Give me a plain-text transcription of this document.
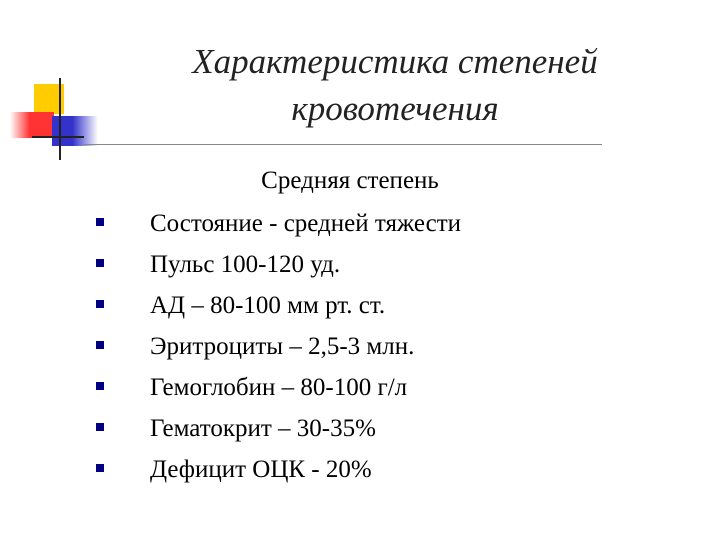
Характеристика степеней кровотечения
Средняя степень
Состояние - средней тяжести
Пульс 100-120 уд.
АД – 80-100 мм рт. ст.
Эритроциты – 2,5-3 млн.
Гемоглобин – 80-100 г/л
Гематокрит – 30-35%
Дефицит ОЦК - 20%
